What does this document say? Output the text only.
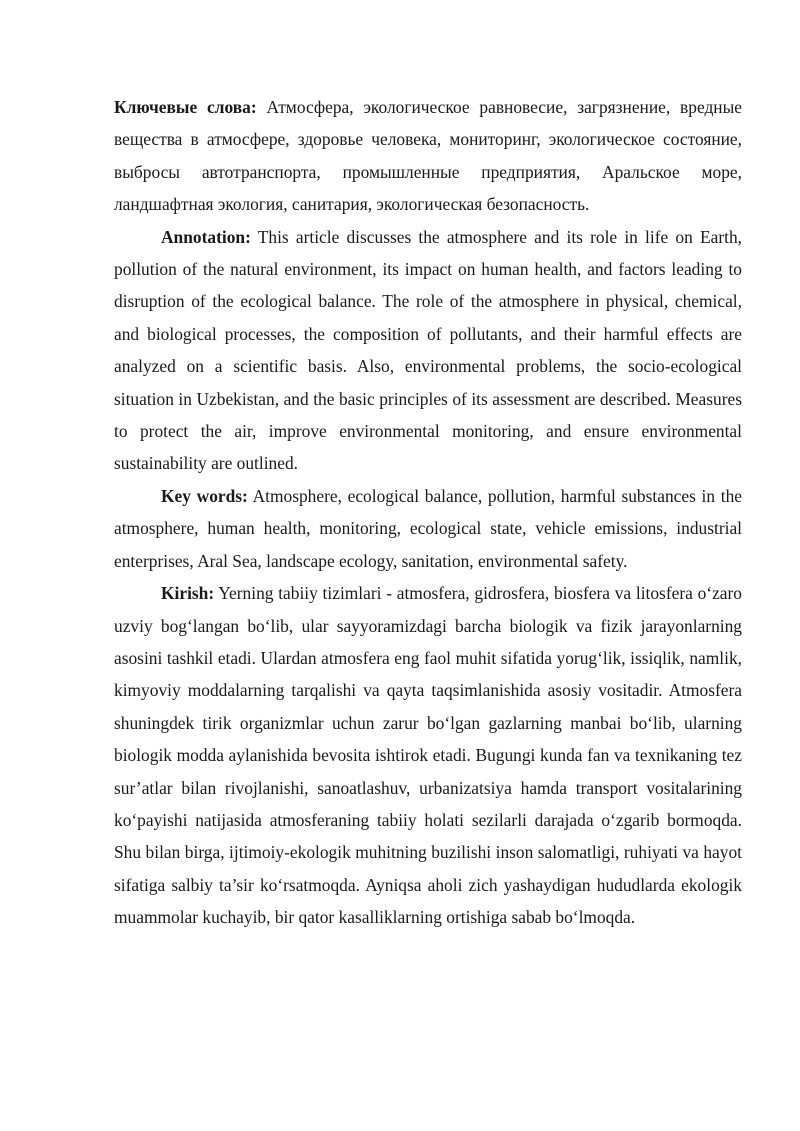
Ключевые слова: Атмосфера, экологическое равновесие, загрязнение, вредные вещества в атмосфере, здоровье человека, мониторинг, экологическое состояние, выбросы автотранспорта, промышленные предприятия, Аральское море, ландшафтная экология, санитария, экологическая безопасность.

Annotation: This article discusses the atmosphere and its role in life on Earth, pollution of the natural environment, its impact on human health, and factors leading to disruption of the ecological balance. The role of the atmosphere in physical, chemical, and biological processes, the composition of pollutants, and their harmful effects are analyzed on a scientific basis. Also, environmental problems, the socio-ecological situation in Uzbekistan, and the basic principles of its assessment are described. Measures to protect the air, improve environmental monitoring, and ensure environmental sustainability are outlined.

Key words: Atmosphere, ecological balance, pollution, harmful substances in the atmosphere, human health, monitoring, ecological state, vehicle emissions, industrial enterprises, Aral Sea, landscape ecology, sanitation, environmental safety.

Kirish: Yerning tabiiy tizimlari - atmosfera, gidrosfera, biosfera va litosfera o‘zaro uzviy bog‘langan bo‘lib, ular sayyoramizdagi barcha biologik va fizik jarayonlarning asosini tashkil etadi. Ulardan atmosfera eng faol muhit sifatida yorug‘lik, issiqlik, namlik, kimyoviy moddalarning tarqalishi va qayta taqsimlanishida asosiy vositadir. Atmosfera shuningdek tirik organizmlar uchun zarur bo‘lgan gazlarning manbai bo‘lib, ularning biologik modda aylanishida bevosita ishtirok etadi. Bugungi kunda fan va texnikaning tez sur’atlar bilan rivojlanishi, sanoatlashuv, urbanizatsiya hamda transport vositalarining ko‘payishi natijasida atmosferaning tabiiy holati sezilarli darajada o‘zgarib bormoqda. Shu bilan birga, ijtimoiy-ekologik muhitning buzilishi inson salomatligi, ruhiyati va hayot sifatiga salbiy ta’sir ko‘rsatmoqda. Ayniqsa aholi zich yashaydigan hududlarda ekologik muammolar kuchayib, bir qator kasalliklarning ortishiga sabab bo‘lmoqda.
